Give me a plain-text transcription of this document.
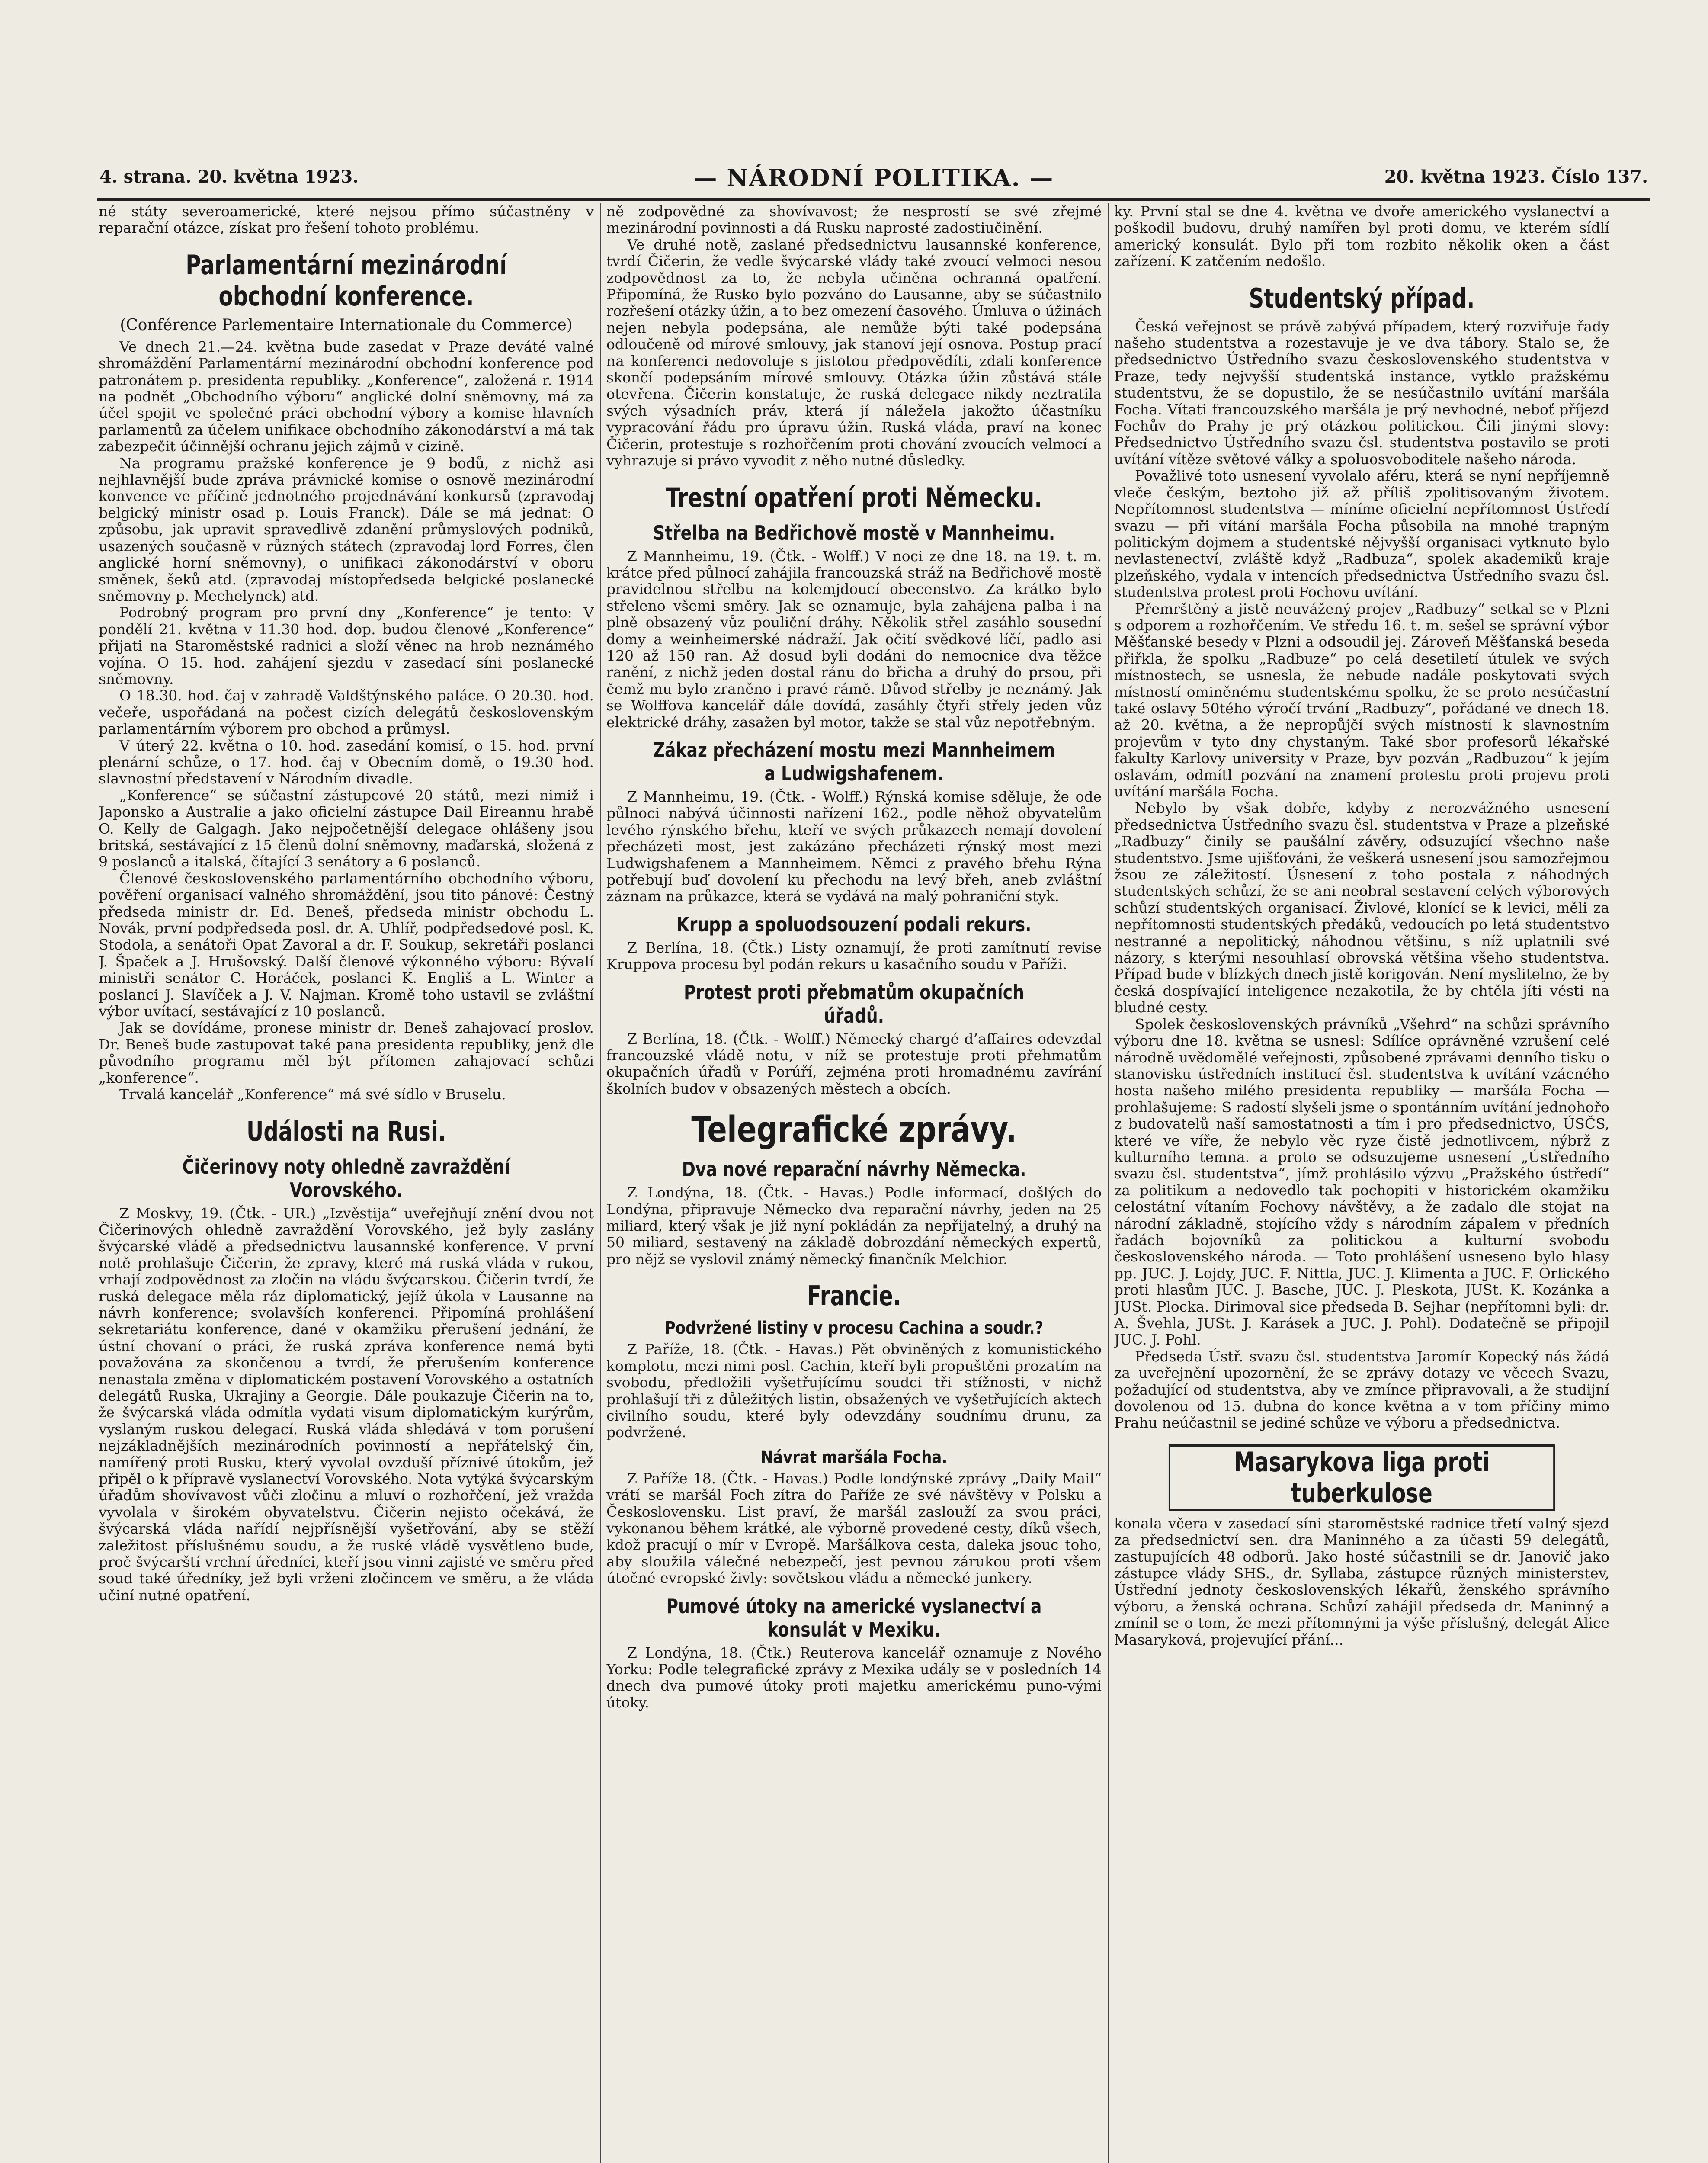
4. strana. 20. května 1923.	— NÁRODNÍ POLITIKA. —	20. května 1923. Číslo 137.

né státy severoamerické, které nejsou přímo súčastněny v reparační otázce, získat pro řešení tohoto problému.

Parlamentární mezinárodní obchodní konference.
(Conférence Parlementaire Internationale du Commerce)

Ve dnech 21.—24. května bude zasedat v Praze deváté valné shromáždění Parlamentární mezinárodní obchodní konference pod patronátem p. presidenta republiky. „Konference“, založená r. 1914 na podnět „Obchodního výboru“ anglické dolní sněmovny, má za účel spojit ve společné práci obchodní výbory a komise hlavních parlamentů za účelem unifikace obchodního zákonodárství a má tak zabezpečit účinnější ochranu jejich zájmů v cizině.

Na programu pražské konference je 9 bodů, z nichž asi nejhlavnější bude zpráva právnické komise o osnově mezinárodní konvence ve příčině jednotného projednávání konkursů (zpravodaj belgický ministr osad p. Louis Franck). Dále se má jednat: O způsobu, jak upravit spravedlivě zdanění průmyslových podniků, usazených současně v různých státech (zpravodaj lord Forres, člen anglické horní sněmovny), o unifikaci zákonodárství v oboru směnek, šeků atd. (zpravodaj místopředseda belgické poslanecké sněmovny p. Mechelynck) atd.

Podrobný program pro první dny „Konference“ je tento: V pondělí 21. května v 11.30 hod. dop. budou členové „Konference“ přijati na Staroměstské radnici a složí věnec na hrob neznámého vojína. O 15. hod. zahájení sjezdu v zasedací síni poslanecké sněmovny.

O 18.30. hod. čaj v zahradě Valdštýnského paláce. O 20.30. hod. večeře, uspořádaná na počest cizích delegátů československým parlamentárním výborem pro obchod a průmysl.

V úterý 22. května o 10. hod. zasedání komisí, o 15. hod. první plenární schůze, o 17. hod. čaj v Obecním domě, o 19.30 hod. slavnostní představení v Národním divadle.

„Konference“ se súčastní zástupcové 20 států, mezi nimiž i Japonsko a Australie a jako oficielní zástupce Dail Eireannu hrabě O. Kelly de Galgagh. Jako nejpočetnější delegace ohlášeny jsou britská, sestávající z 15 členů dolní sněmovny, maďarská, složená z 9 poslanců a italská, čítající 3 senátory a 6 poslanců.

Členové československého parlamentárního obchodního výboru, pověření organisací valného shromáždění, jsou tito pánové: Čestný předseda ministr dr. Ed. Beneš, předseda ministr obchodu L. Novák, první podpředseda posl. dr. A. Uhlíř, podpředsedové posl. K. Stodola, a senátoři Opat Zavoral a dr. F. Soukup, sekretáři poslanci J. Špaček a J. Hrušovský. Další členové výkonného výboru: Bývalí ministři senátor C. Horáček, poslanci K. Engliš a L. Winter a poslanci J. Slavíček a J. V. Najman. Kromě toho ustavil se zvláštní výbor uvítací, sestávající z 10 poslanců.

Jak se dovídáme, pronese ministr dr. Beneš zahajovací proslov. Dr. Beneš bude zastupovat také pana presidenta republiky, jenž dle původního programu měl být přítomen zahajovací schůzi „konference“.

Trvalá kancelář „Konference“ má své sídlo v Bruselu.

Události na Rusi.
Čičerinovy noty ohledně zavraždění Vorovského.

Z Moskvy, 19. (Čtk. - UR.) „Izvěstija“ uveřejňují znění dvou not Čičerinových ohledně zavraždění Vorovského, jež byly zaslány švýcarské vládě a předsednictvu lausannské konference. V první notě prohlašuje Čičerin, že zpravy, které má ruská vláda v rukou, vrhají zodpovědnost za zločin na vládu švýcarskou. Čičerin tvrdí, že ruská delegace měla ráz diplomatický, jejíž úkola v Lausanne na návrh konference; svolavších konferenci. Připomíná prohlášení sekretariátu konference, dané v okamžiku přerušení jednání, že ústní chovaní o práci, že ruská zpráva konference nemá byti považována za skončenou a tvrdí, že přerušením konference nenastala změna v diplomatickém postavení Vorovského a ostatních delegátů Ruska, Ukrajiny a Georgie. Dále poukazuje Čičerin na to, že švýcarská vláda odmítla vydati visum diplomatickým kurýrům, vyslaným ruskou delegací. Ruská vláda shledává v tom porušení nejzákladnějších mezinárodních povinností a nepřátelský čin, namířený proti Rusku, který vyvolal ovzduší příznivé útokům, jež připěl o k přípravě vyslanectví Vorovského. Nota vytýká švýcarským úřadům shovívavost vůči zločinu a mluví o rozhořčení, jež vražda vyvolala v širokém obyvatelstvu. Čičerin nejisto očekává, že švýcarská vláda nařídí nejpřísnější vyšetřování, aby se stěží zaležitost příslušnému soudu, a že ruské vládě vysvětleno bude, proč švýcarští vrchní úředníci, kteří jsou vinni zajisté ve směru před soud také úředníky, jež byli vrženi zločincem ve směru, a že vláda učiní nutné opatření.

ně zodpovědné za shovívavost; že nesprostí se své zřejmé mezinárodní povinnosti a dá Rusku naprosté zadostiučinění.

Ve druhé notě, zaslané předsednictvu lausannské konference, tvrdí Čičerin, že vedle švýcarské vlády také zvoucí velmoci nesou zodpovědnost za to, že nebyla učiněna ochranná opatření. Připomíná, že Rusko bylo pozváno do Lausanne, aby se súčastnilo rozřešení otázky úžin, a to bez omezení časového. Úmluva o úžinách nejen nebyla podepsána, ale nemůže býti také podepsána odloučeně od mírové smlouvy, jak stanoví její osnova. Postup prací na konferenci nedovoluje s jistotou předpovědíti, zdali konference skončí podepsáním mírové smlouvy. Otázka úžin zůstává stále otevřena. Čičerin konstatuje, že ruská delegace nikdy neztratila svých výsadních práv, která jí náležela jakožto účastníku vypracování řádu pro úpravu úžin. Ruská vláda, praví na konec Čičerin, protestuje s rozhořčením proti chování zvoucích velmocí a vyhrazuje si právo vyvodit z něho nutné důsledky.

Trestní opatření proti Německu.
Střelba na Bedřichově mostě v Mannheimu.

Z Mannheimu, 19. (Čtk. - Wolff.) V noci ze dne 18. na 19. t. m. krátce před půlnocí zahájila francouzská stráž na Bedřichově mostě pravidelnou střelbu na kolemjdoucí obecenstvo. Za krátko bylo střeleno všemi směry. Jak se oznamuje, byla zahájena palba i na plně obsazený vůz pouliční dráhy. Několik střel zasáhlo sousední domy a weinheimerské nádraží. Jak očití svědkové líčí, padlo asi 120 až 150 ran. Až dosud byli dodáni do nemocnice dva těžce ranění, z nichž jeden dostal ránu do břicha a druhý do prsou, při čemž mu bylo zraněno i pravé rámě. Důvod střelby je neznámý. Jak se Wolffova kancelář dále dovídá, zasáhly čtyři střely jeden vůz elektrické dráhy, zasažen byl motor, takže se stal vůz nepotřebným.

Zákaz přecházení mostu mezi Mannheimem a Ludwigshafenem.

Z Mannheimu, 19. (Čtk. - Wolff.) Rýnská komise sděluje, že ode půlnoci nabývá účinnosti nařízení 162., podle něhož obyvatelům levého rýnského břehu, kteří ve svých průkazech nemají dovolení přecházeti most, jest zakázáno přecházeti rýnský most mezi Ludwigshafenem a Mannheimem. Němci z pravého břehu Rýna potřebují buď dovolení ku přechodu na levý břeh, aneb zvláštní záznam na průkazce, která se vydává na malý pohraniční styk.

Krupp a spoluodsouzení podali rekurs.

Z Berlína, 18. (Čtk.) Listy oznamují, že proti zamítnutí revise Kruppova procesu byl podán rekurs u kasačního soudu v Paříži.

Protest proti přebmatům okupačních úřadů.

Z Berlína, 18. (Čtk. - Wolff.) Německý chargé d’affaires odevzdal francouzské vládě notu, v níž se protestuje proti přehmatům okupačních úřadů v Porúří, zejména proti hromadnému zavírání školních budov v obsazených městech a obcích.

Telegrafické zprávy.
Dva nové reparační návrhy Německa.

Z Londýna, 18. (Čtk. - Havas.) Podle informací, došlých do Londýna, připravuje Německo dva reparační návrhy, jeden na 25 miliard, který však je již nyní pokládán za nepřijatelný, a druhý na 50 miliard, sestavený na základě dobrozdání německých expertů, pro nějž se vyslovil známý německý finančník Melchior.

Francie.
Podvržené listiny v procesu Cachina a soudr.?

Z Paříže, 18. (Čtk. - Havas.) Pět obviněných z komunistického komplotu, mezi nimi posl. Cachin, kteří byli propuštěni prozatím na svobodu, předložili vyšetřujícímu soudci tři stížnosti, v nichž prohlašují tři z důležitých listin, obsažených ve vyšetřujících aktech civilního soudu, které byly odevzdány soudnímu drunu, za podvržené.

Návrat maršála Focha.

Z Paříže 18. (Čtk. - Havas.) Podle londýnské zprávy „Daily Mail“ vrátí se maršál Foch zítra do Paříže ze své návštěvy v Polsku a Československu. List praví, že maršál zaslouží za svou práci, vykonanou během krátké, ale výborně provedené cesty, díků všech, kdož pracují o mír v Evropě. Maršálkova cesta, daleka jsouc toho, aby sloužila válečné nebezpečí, jest pevnou zárukou proti všem útočné evropské živly: sovětskou vládu a německé junkery.

Pumové útoky na americké vyslanectví a konsulát v Mexiku.

Z Londýna, 18. (Čtk.) Reuterova kancelář oznamuje z Nového Yorku: Podle telegrafické zprávy z Mexika udály se v posledních 14 dnech dva pumové útoky proti majetku americkému puno-vými útoky.

ky. První stal se dne 4. května ve dvoře amerického vyslanectví a poškodil budovu, druhý namířen byl proti domu, ve kterém sídlí americký konsulát. Bylo při tom rozbito několik oken a část zařízení. K zatčením nedošlo.

Studentský případ.

Česká veřejnost se právě zabývá případem, který rozviřuje řady našeho studentstva a rozestavuje je ve dva tábory. Stalo se, že předsednictvo Ústředního svazu československého studentstva v Praze, tedy nejvyšší studentská instance, vytklo pražskému studentstvu, že se dopustilo, že se nesúčastnilo uvítání maršála Focha. Vítati francouzského maršála je prý nevhodné, neboť příjezd Fochův do Prahy je prý otázkou politickou. Čili jinými slovy: Předsednictvo Ústředního svazu čsl. studentstva postavilo se proti uvítání vítěze světové války a spoluosvoboditele našeho národa.

Považlivé toto usnesení vyvolalo aféru, která se nyní nepříjemně vleče českým, beztoho již až příliš zpolitisovaným životem. Nepřítomnost studentstva — míníme oficielní nepřítomnost Ústředí svazu — při vítání maršála Focha působila na mnohé trapným politickým dojmem a studentské nějvyšší organisaci vytknuto bylo nevlastenectví, zvláště když „Radbuza“, spolek akademiků kraje plzeňského, vydala v intencích předsednictva Ústředního svazu čsl. studentstva protest proti Fochovu uvítání.

Přemrštěný a jistě neuvážený projev „Radbuzy“ setkal se v Plzni s odporem a rozhořčením. Ve středu 16. t. m. sešel se správní výbor Měšťanské besedy v Plzni a odsoudil jej. Zároveň Měšťanská beseda přiřkla, že spolku „Radbuze“ po celá desetiletí útulek ve svých místnostech, se usnesla, že nebude nadále poskytovati svých místností ominěnému studentskému spolku, že se proto nesúčastní také oslavy 50tého výročí trvání „Radbuzy“, pořádané ve dnech 18. až 20. května, a že nepropůjčí svých místností k slavnostním projevům v tyto dny chystaným. Také sbor profesorů lékařské fakulty Karlovy university v Praze, byv pozván „Radbuzou“ k jejím oslavám, odmítl pozvání na znamení protestu proti projevu proti uvítání maršála Focha.

Nebylo by však dobře, kdyby z nerozvážného usnesení předsednictva Ústředního svazu čsl. studentstva v Praze a plzeňské „Radbuzy“ činily se paušální závěry, odsuzující všechno naše studentstvo. Jsme ujišťováni, že veškerá usnesení jsou samozřejmou žsou ze záležitostí. Úsnesení z toho postala z náhodných studentských schůzí, že se ani neobral sestavení celých výborových schůzí studentských organisací. Živlové, klonící se k levici, měli za nepřítomnosti studentských předáků, vedoucích po letá studentstvo nestranné a nepolitický, náhodnou většinu, s níž uplatnili své názory, s kterými nesouhlasí obrovská většina všeho studentstva. Případ bude v blízkých dnech jistě korigován. Není myslitelno, že by česká dospívající inteligence nezakotila, že by chtěla jíti vésti na bludné cesty.

Spolek československých právníků „Všehrd“ na schůzi správního výboru dne 18. května se usnesl: Sdílíce oprávněné vzrušení celé národně uvědomělé veřejnosti, způsobené zprávami denního tisku o stanovisku ústředních institucí čsl. studentstva k uvítání vzácného hosta našeho milého presidenta republiky — maršála Focha — prohlašujeme: S radostí slyšeli jsme o spontánním uvítání jednohořo z budovatelů naší samostatnosti a tím i pro předsednictvo, ÚSČS, které ve víře, že nebylo věc ryze čistě jednotlivcem, nýbrž z kulturního temna. a proto se odsuzujeme usnesení „Ústředního svazu čsl. studentstva“, jímž prohlásilo výzvu „Pražského ústředí“ za politikum a nedovedlo tak pochopiti v historickém okamžiku celostátní vítaním Fochovy návštěvy, a že zadalo dle stojat na národní základně, stojícího vždy s národním zápalem v předních řadách bojovníků za politickou a kulturní svobodu československého národa. — Toto prohlášení usneseno bylo hlasy pp. JUC. J. Lojdy, JUC. F. Nittla, JUC. J. Klimenta a JUC. F. Orlického proti hlasům JUC. J. Basche, JUC. J. Pleskota, JUSt. K. Kozánka a JUSt. Plocka. Dirimoval sice předseda B. Sejhar (nepřítomni byli: dr. A. Švehla, JUSt. J. Karásek a JUC. J. Pohl). Dodatečně se připojil JUC. J. Pohl.

Předseda Ústř. svazu čsl. studentstva Jaromír Kopecký nás žádá za uveřejnění upozornění, že se zprávy dotazy ve věcech Svazu, požadující od studentstva, aby ve zmínce připravovali, a že studijní dovolenou od 15. dubna do konce května a v tom příčiny mimo Prahu neúčastnil se jediné schůze ve výboru a předsednictva.

Masarykova liga proti tuberkulose

konala včera v zasedací síni staroměstské radnice třetí valný sjezd za předsednictví sen. dra Maninného a za účasti 59 delegátů, zastupujících 48 odborů. Jako hosté súčastnili se dr. Janovič jako zástupce vlády SHS., dr. Syllaba, zástupce různých ministerstev, Ústřední jednoty československých lékařů, ženského správního výboru, a ženská ochrana. Schůzí zahájil předseda dr. Maninný a zmínil se o tom, že mezi přítomnými ja výše příslušný, delegát Alice Masaryková, projevující přání...
